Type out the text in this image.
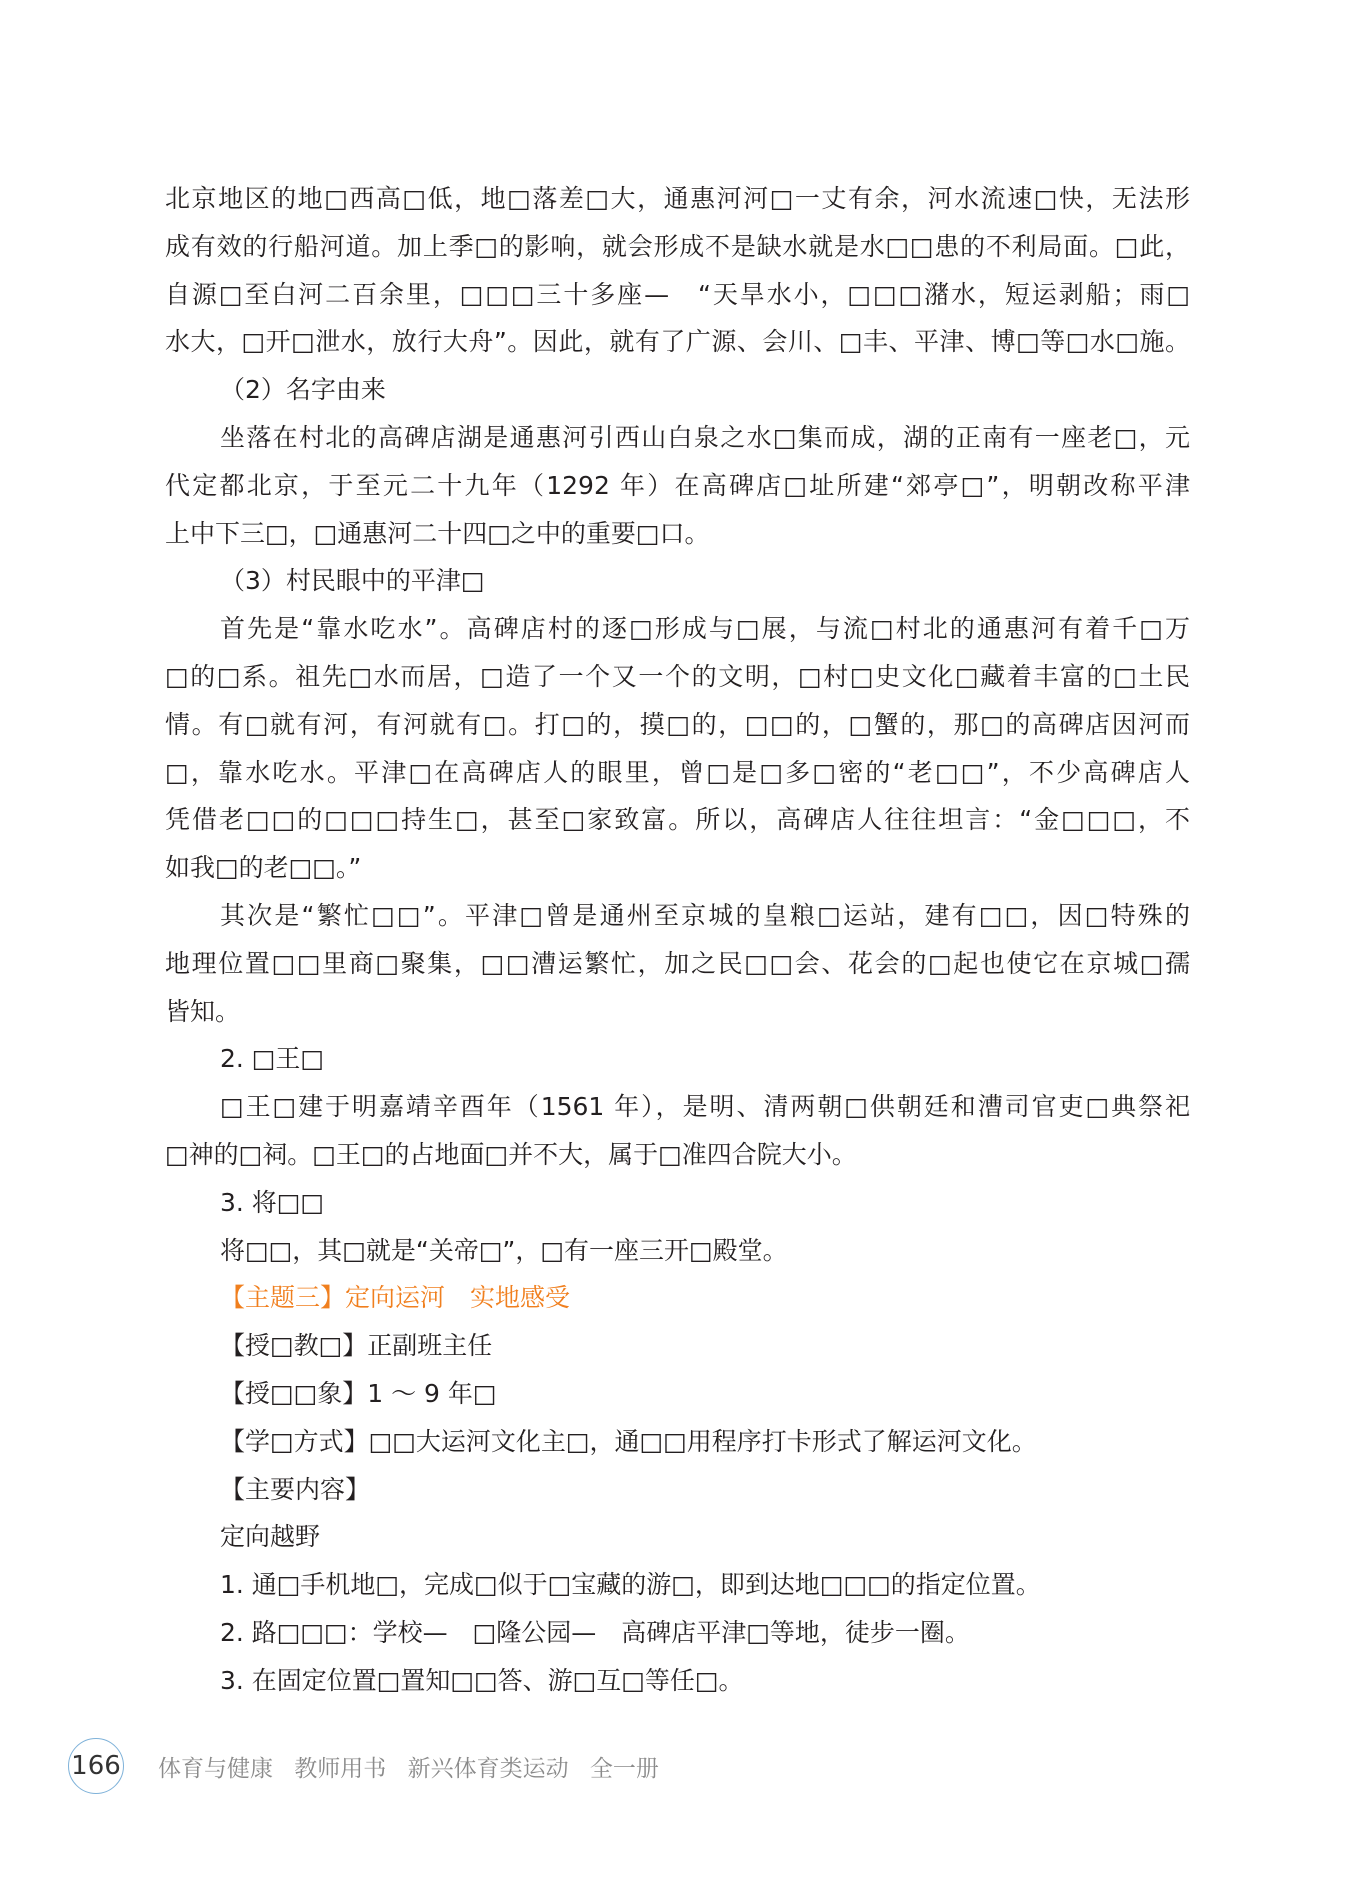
北京地区的地□西高□低，地□落差□大，通惠河河□一丈有余，河水流速□快，无法形
成有效的行船河道。加上季□的影响，就会形成不是缺水就是水□□患的不利局面。□此，
自源□至白河二百余里，□□□三十多座—　“天旱水小，□□□潴水，短运剥船；雨□
水大，□开□泄水，放行大舟”。因此，就有了广源、会川、□丰、平津、博□等□水□施。
（2）名字由来
坐落在村北的高碑店湖是通惠河引西山白泉之水□集而成，湖的正南有一座老□，元
代定都北京，于至元二十九年（1292 年）在高碑店□址所建“郊亭□”，明朝改称平津
上中下三□，□通惠河二十四□之中的重要□口。
（3）村民眼中的平津□
首先是“靠水吃水”。高碑店村的逐□形成与□展，与流□村北的通惠河有着千□万
□的□系。祖先□水而居，□造了一个又一个的文明，□村□史文化□藏着丰富的□土民
情。有□就有河，有河就有□。打□的，摸□的，□□的，□蟹的，那□的高碑店因河而
□，靠水吃水。平津□在高碑店人的眼里，曾□是□多□密的“老□□”，不少高碑店人
凭借老□□的□□□持生□，甚至□家致富。所以，高碑店人往往坦言：“金□□□，不
如我□的老□□。”
其次是“繁忙□□”。平津□曾是通州至京城的皇粮□运站，建有□□，因□特殊的
地理位置□□里商□聚集，□□漕运繁忙，加之民□□会、花会的□起也使它在京城□孺
皆知。
2. □王□
□王□建于明嘉靖辛酉年（1561 年），是明、清两朝□供朝廷和漕司官吏□典祭祀
□神的□祠。□王□的占地面□并不大，属于□准四合院大小。
3. 将□□
将□□，其□就是“关帝□”，□有一座三开□殿堂。
【主题三】定向运河　实地感受
【授□教□】正副班主任
【授□□象】1 ～ 9 年□
【学□方式】□□大运河文化主□，通□□用程序打卡形式了解运河文化。
【主要内容】
定向越野
1. 通□手机地□，完成□似于□宝藏的游□，即到达地□□□的指定位置。
2. 路□□□：学校—　□隆公园—　高碑店平津□等地，徒步一圈。
3. 在固定位置□置知□□答、游□互□等任□。
166 体育与健康 教师用书 新兴体育类运动 全一册
